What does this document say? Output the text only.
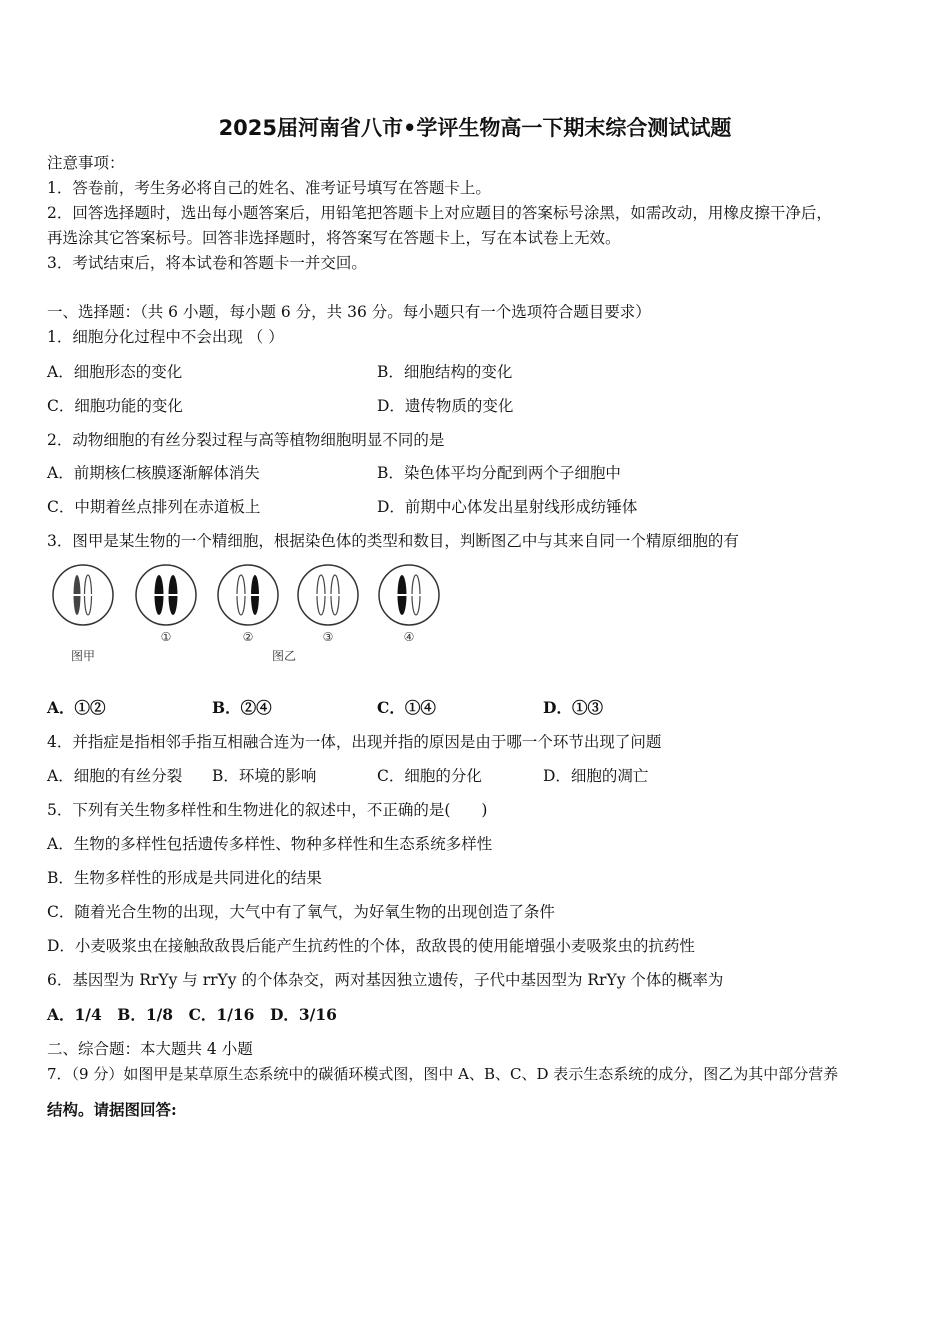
2025届河南省八市•学评生物高一下期末综合测试试题
注意事项：
1．答卷前，考生务必将自己的姓名、准考证号填写在答题卡上。
2．回答选择题时，选出每小题答案后，用铅笔把答题卡上对应题目的答案标号涂黑，如需改动，用橡皮擦干净后，
再选涂其它答案标号。回答非选择题时，将答案写在答题卡上，写在本试卷上无效。
3．考试结束后，将本试卷和答题卡一并交回。
一、选择题：（共 6 小题，每小题 6 分，共 36 分。每小题只有一个选项符合题目要求）
1．细胞分化过程中不会出现 （ ）
A．细胞形态的变化	B．细胞结构的变化
C．细胞功能的变化	D．遗传物质的变化
2．动物细胞的有丝分裂过程与高等植物细胞明显不同的是
A．前期核仁核膜逐渐解体消失	B．染色体平均分配到两个子细胞中
C．中期着丝点排列在赤道板上	D．前期中心体发出星射线形成纺锤体
3．图甲是某生物的一个精细胞，根据染色体的类型和数目，判断图乙中与其来自同一个精原细胞的有
①	②	③	④
图甲	图乙
A．①②	B．②④	C．①④	D．①③
4．并指症是指相邻手指互相融合连为一体，出现并指的原因是由于哪一个环节出现了问题
A．细胞的有丝分裂 B．环境的影响	C．细胞的分化	D．细胞的凋亡
5．下列有关生物多样性和生物进化的叙述中，不正确的是(　　)
A．生物的多样性包括遗传多样性、物种多样性和生态系统多样性
B．生物多样性的形成是共同进化的结果
C．随着光合生物的出现，大气中有了氧气，为好氧生物的出现创造了条件
D．小麦吸浆虫在接触敌敌畏后能产生抗药性的个体，敌敌畏的使用能增强小麦吸浆虫的抗药性
6．基因型为 RrYy 与 rrYy 的个体杂交，两对基因独立遗传，子代中基因型为 RrYy 个体的概率为
A．1/4　B．1/8　C．1/16　D．3/16
二、综合题：本大题共 4 小题
7．（9 分）如图甲是某草原生态系统中的碳循环模式图，图中 A、B、C、D 表示生态系统的成分，图乙为其中部分营养
结构。请据图回答:
